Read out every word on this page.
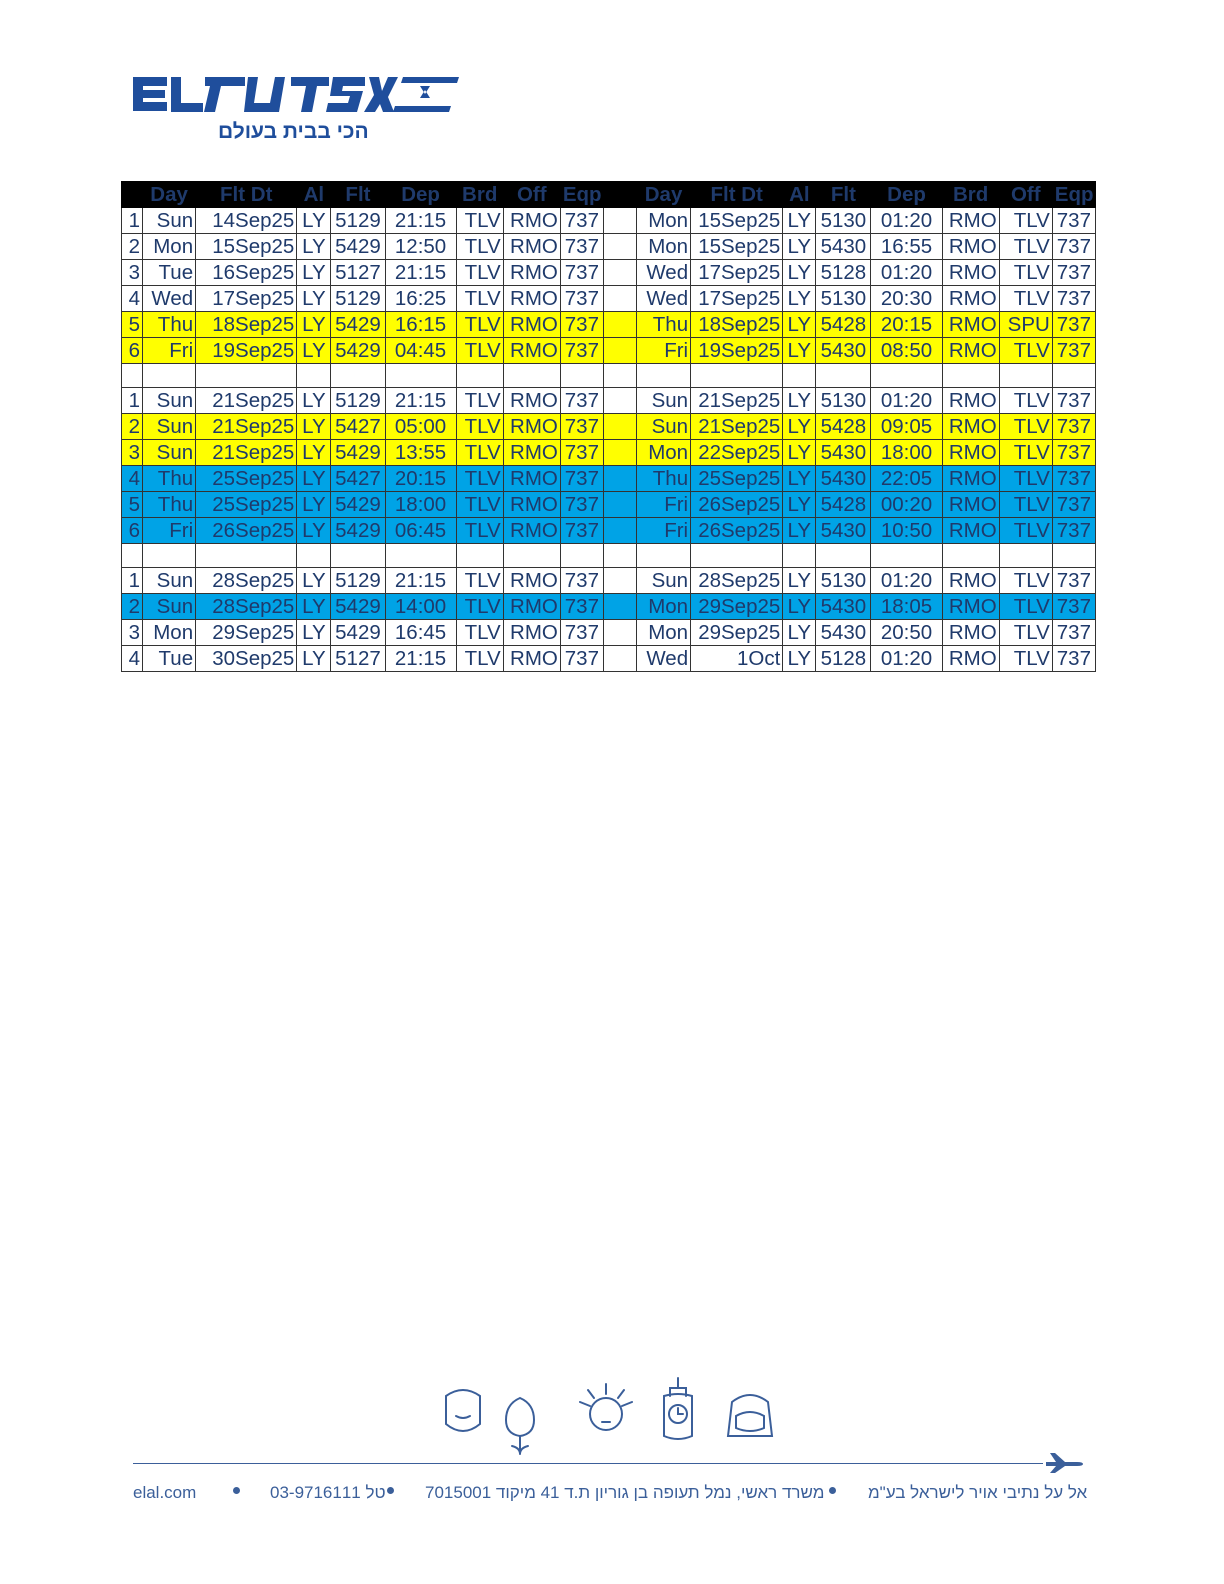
הכי בבית בעולם
	Day	Flt Dt	Al	Flt	Dep	Brd	Off	Eqp		Day	Flt Dt	Al	Flt	Dep	Brd	Off	Eqp
1	Sun	14Sep25	LY	5129	21:15	TLV	RMO	737		Mon	15Sep25	LY	5130	01:20	RMO	TLV	737
2	Mon	15Sep25	LY	5429	12:50	TLV	RMO	737		Mon	15Sep25	LY	5430	16:55	RMO	TLV	737
3	Tue	16Sep25	LY	5127	21:15	TLV	RMO	737		Wed	17Sep25	LY	5128	01:20	RMO	TLV	737
4	Wed	17Sep25	LY	5129	16:25	TLV	RMO	737		Wed	17Sep25	LY	5130	20:30	RMO	TLV	737
5	Thu	18Sep25	LY	5429	16:15	TLV	RMO	737		Thu	18Sep25	LY	5428	20:15	RMO	SPU	737
6	Fri	19Sep25	LY	5429	04:45	TLV	RMO	737		Fri	19Sep25	LY	5430	08:50	RMO	TLV	737

1	Sun	21Sep25	LY	5129	21:15	TLV	RMO	737		Sun	21Sep25	LY	5130	01:20	RMO	TLV	737
2	Sun	21Sep25	LY	5427	05:00	TLV	RMO	737		Sun	21Sep25	LY	5428	09:05	RMO	TLV	737
3	Sun	21Sep25	LY	5429	13:55	TLV	RMO	737		Mon	22Sep25	LY	5430	18:00	RMO	TLV	737
4	Thu	25Sep25	LY	5427	20:15	TLV	RMO	737		Thu	25Sep25	LY	5430	22:05	RMO	TLV	737
5	Thu	25Sep25	LY	5429	18:00	TLV	RMO	737		Fri	26Sep25	LY	5428	00:20	RMO	TLV	737
6	Fri	26Sep25	LY	5429	06:45	TLV	RMO	737		Fri	26Sep25	LY	5430	10:50	RMO	TLV	737

1	Sun	28Sep25	LY	5129	21:15	TLV	RMO	737		Sun	28Sep25	LY	5130	01:20	RMO	TLV	737
2	Sun	28Sep25	LY	5429	14:00	TLV	RMO	737		Mon	29Sep25	LY	5430	18:05	RMO	TLV	737
3	Mon	29Sep25	LY	5429	16:45	TLV	RMO	737		Mon	29Sep25	LY	5430	20:50	RMO	TLV	737
4	Tue	30Sep25	LY	5127	21:15	TLV	RMO	737		Wed	1Oct	LY	5128	01:20	RMO	TLV	737
elal.com	טל 03-9716111 משרד ראשי, נמל תעופה בן גוריון ת.ד 41 מיקוד 7015001	אל על נתיבי אויר לישראל בע"מ
